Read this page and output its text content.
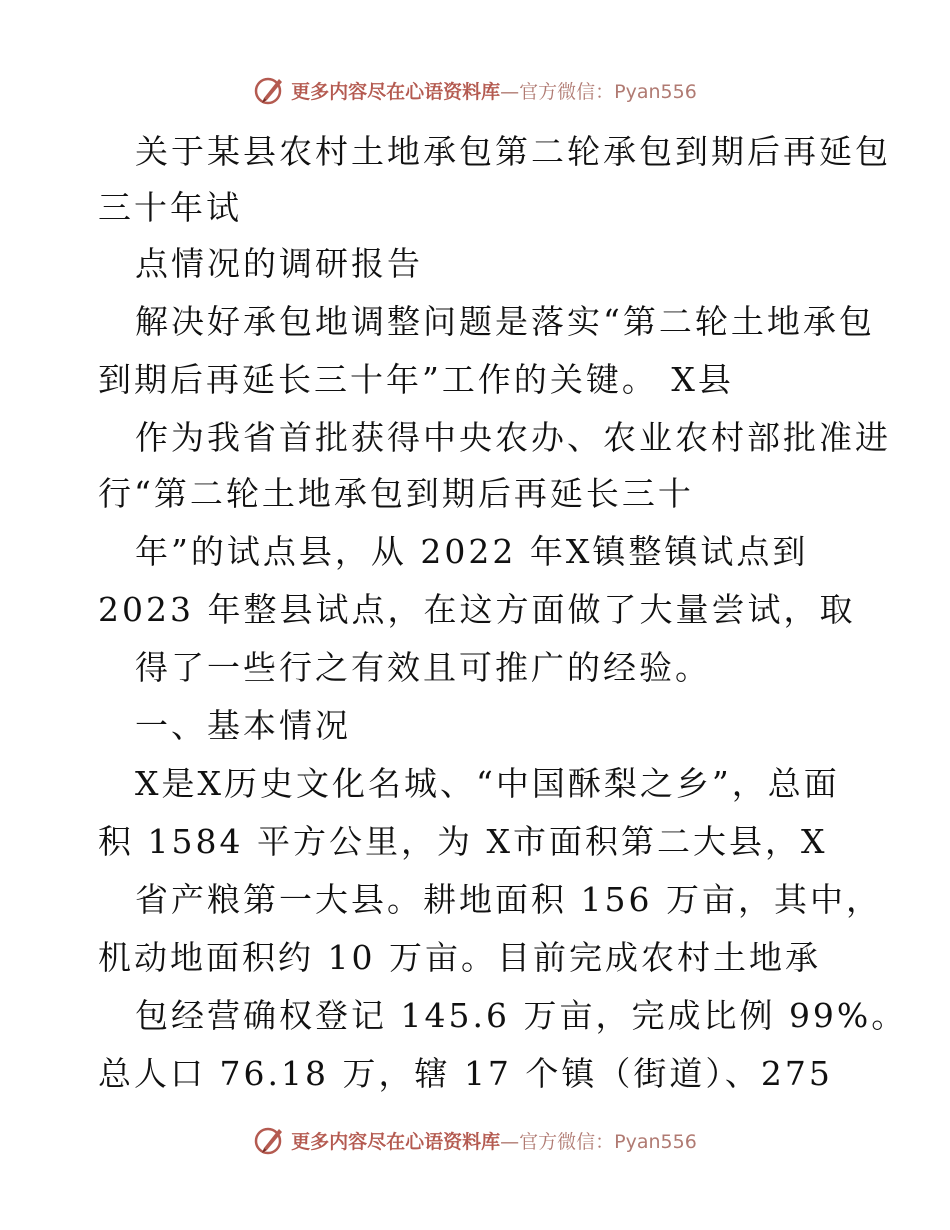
更多内容尽在心语资料库 —官方微信：Pyan556
关于某县农村土地承包第二轮承包到期后再延包
三十年试
点情况的调研报告
解决好承包地调整问题是落实“第二轮土地承包
到期后再延长三十年”工作的关键。 X县
作为我省首批获得中央农办、农业农村部批准进
行“第二轮土地承包到期后再延长三十
年”的试点县，从 2022 年X镇整镇试点到
2023 年整县试点，在这方面做了大量尝试，取
得了一些行之有效且可推广的经验。
一、基本情况
X是X历史文化名城、“中国酥梨之乡”，总面
积 1584 平方公里，为 X市面积第二大县，X
省产粮第一大县。耕地面积 156 万亩，其中，
机动地面积约 10 万亩。目前完成农村土地承
包经营确权登记 145.6 万亩，完成比例 99%。
总人口 76.18 万，辖 17 个镇（街道）、275
更多内容尽在心语资料库 —官方微信：Pyan556
